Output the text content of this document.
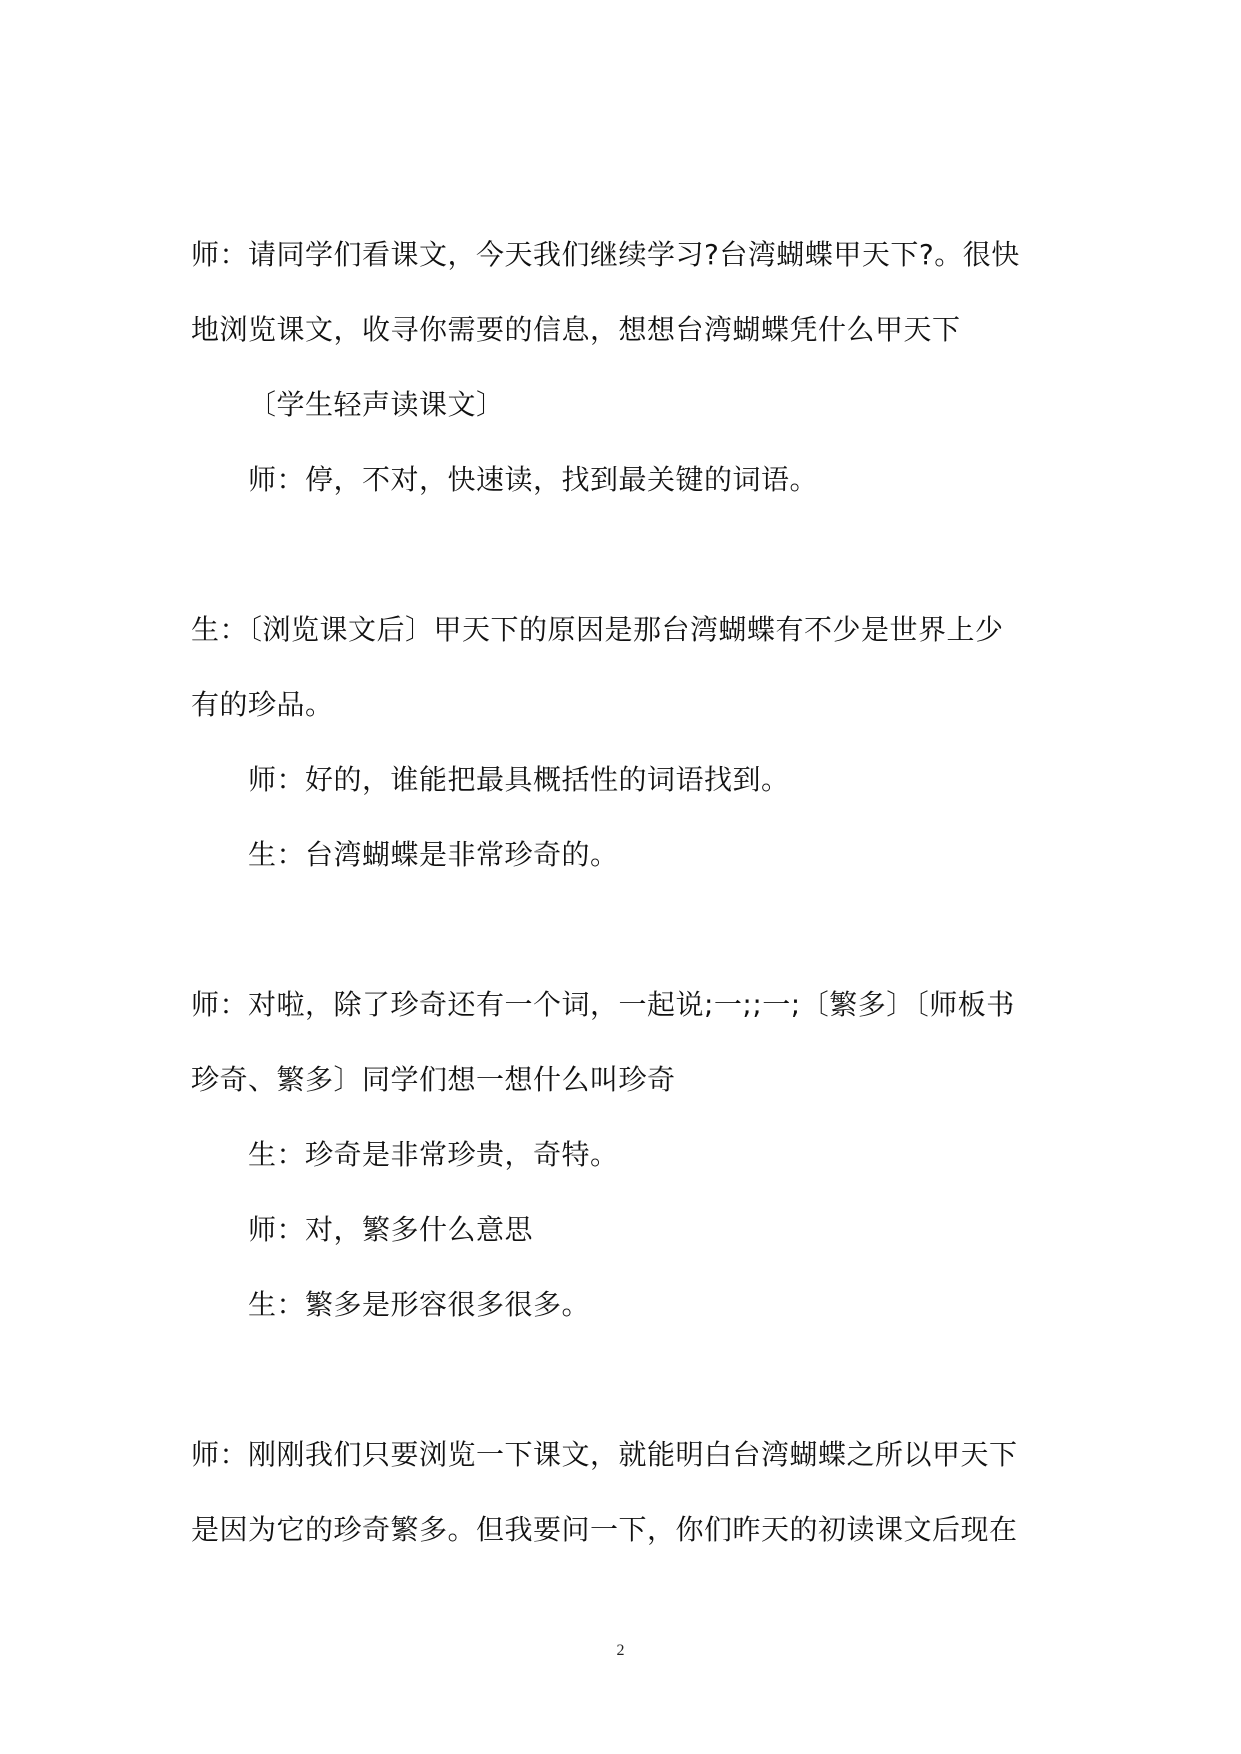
师：请同学们看课文，今天我们继续学习?台湾蝴蝶甲天下?。很快
地浏览课文，收寻你需要的信息，想想台湾蝴蝶凭什么甲天下
〔学生轻声读课文〕
师：停，不对，快速读，找到最关键的词语。
生：〔浏览课文后〕甲天下的原因是那台湾蝴蝶有不少是世界上少
有的珍品。
师：好的，谁能把最具概括性的词语找到。
生：台湾蝴蝶是非常珍奇的。
师：对啦，除了珍奇还有一个词，一起说;一;;一;〔繁多〕〔师板书
珍奇、繁多〕同学们想一想什么叫珍奇
生：珍奇是非常珍贵，奇特。
师：对，繁多什么意思
生：繁多是形容很多很多。
师：刚刚我们只要浏览一下课文，就能明白台湾蝴蝶之所以甲天下
是因为它的珍奇繁多。但我要问一下，你们昨天的初读课文后现在
2
